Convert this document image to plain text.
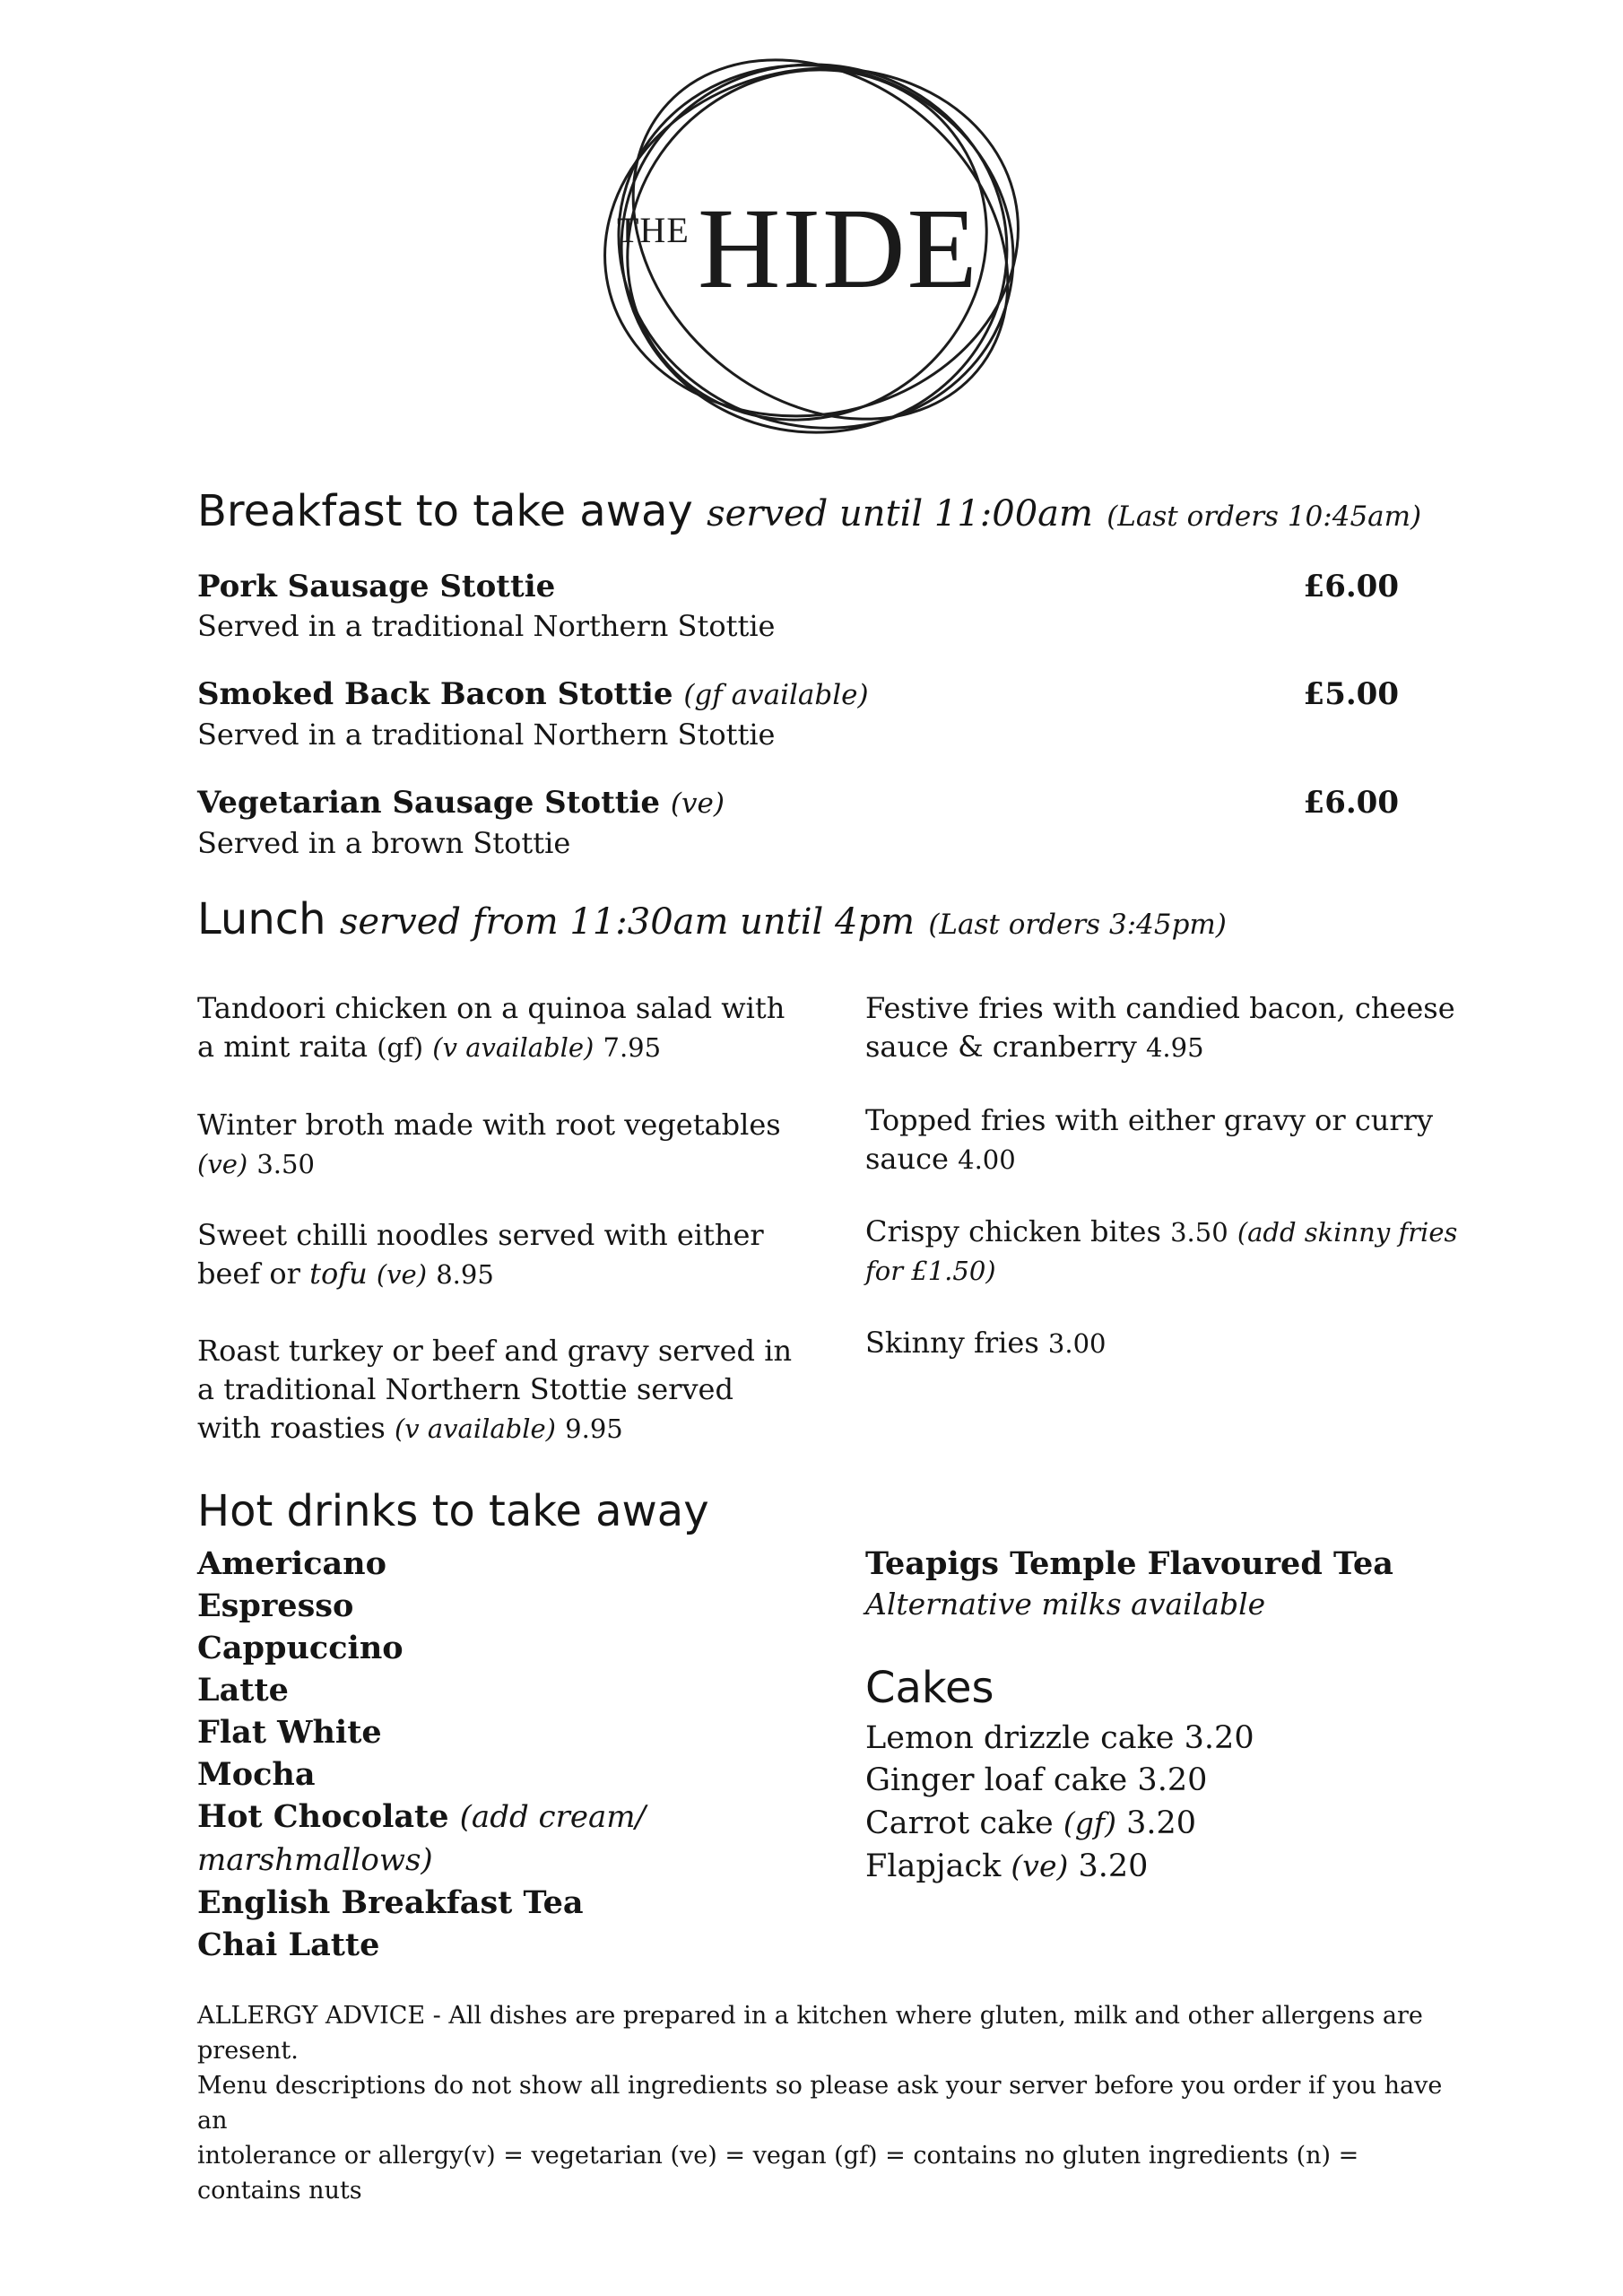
THE HIDE
Breakfast to take away served until 11:00am (Last orders 10:45am)
Pork Sausage Stottie
Served in a traditional Northern Stottie
£6.00
Smoked Back Bacon Stottie (gf available)
Served in a traditional Northern Stottie
£5.00
Vegetarian Sausage Stottie (ve)
Served in a brown Stottie
£6.00
Lunch served from 11:30am until 4pm (Last orders 3:45pm)
Tandoori chicken on a quinoa salad with
a mint raita (gf) (v available) 7.95
Winter broth made with root vegetables
(ve) 3.50
Sweet chilli noodles served with either
beef or tofu (ve) 8.95
Roast turkey or beef and gravy served in
a traditional Northern Stottie served
with roasties (v available) 9.95
Festive fries with candied bacon, cheese
sauce & cranberry 4.95
Topped fries with either gravy or curry
sauce 4.00
Crispy chicken bites 3.50 (add skinny fries
for £1.50)
Skinny fries 3.00
Hot drinks to take away
Americano
Espresso
Cappuccino
Latte
Flat White
Mocha
Hot Chocolate (add cream/
marshmallows)
English Breakfast Tea
Chai Latte
Teapigs Temple Flavoured Tea
Alternative milks available
Cakes
Lemon drizzle cake 3.20
Ginger loaf cake 3.20
Carrot cake (gf) 3.20
Flapjack (ve) 3.20
ALLERGY ADVICE - All dishes are prepared in a kitchen where gluten, milk and other allergens are present.
Menu descriptions do not show all ingredients so please ask your server before you order if you have an
intolerance or allergy(v) = vegetarian (ve) = vegan (gf) = contains no gluten ingredients (n) = contains nuts
